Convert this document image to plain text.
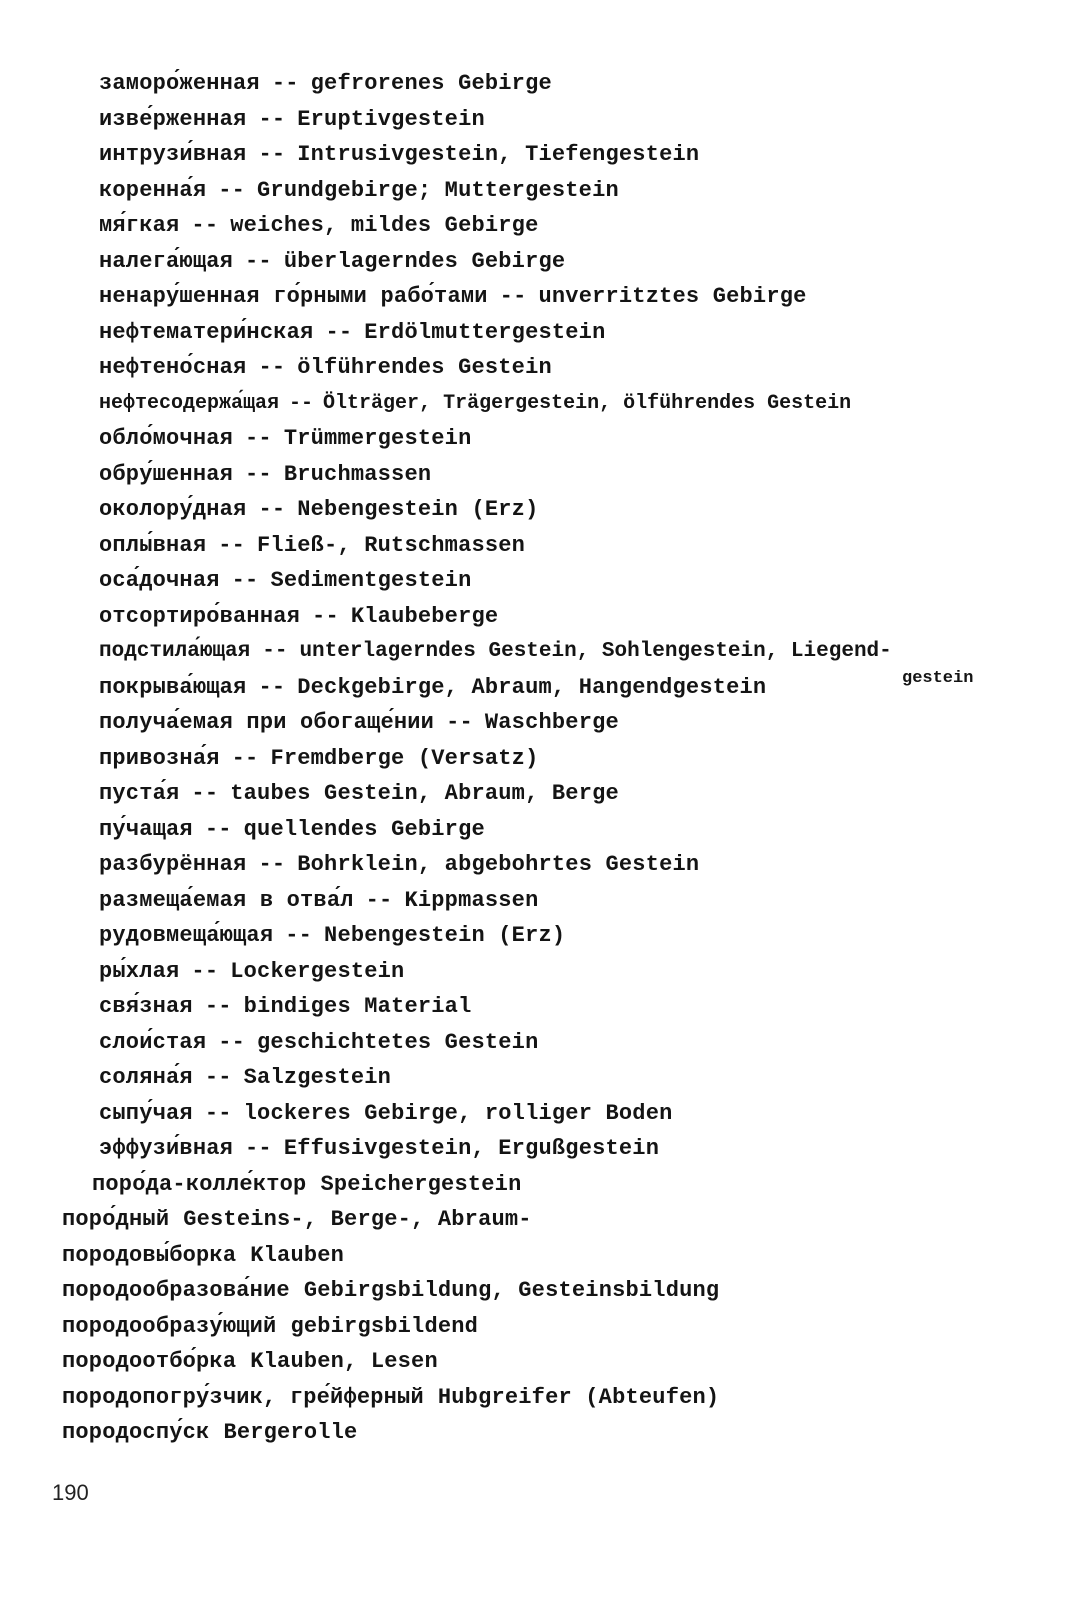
заморо́женная -- gefrorenes Gebirge
изве́рженная -- Eruptivgestein
интрузи́вная -- Intrusivgestein, Tiefengestein
коренна́я -- Grundgebirge; Muttergestein
мя́гкая -- weiches, mildes Gebirge
налега́ющая -- überlagerndes Gebirge
ненару́шенная го́рными рабо́тами -- unverritztes Gebirge
нефтематери́нская -- Erdölmuttergestein
нефтено́сная -- ölführendes Gestein
нефтесодержа́щая -- Ölträger, Trägergestein, ölführendes Gestein
обло́мочная -- Trümmergestein
обру́шенная -- Bruchmassen
околору́дная -- Nebengestein (Erz)
оплы́вная -- Fließ-, Rutschmassen
оса́дочная -- Sedimentgestein
отсортиро́ванная -- Klaubeberge
подстила́ющая -- unterlagerndes Gestein, Sohlengestein, Liegend-
покрыва́ющая -- Deckgebirge, Abraum, Hangendgestein	gestein
получа́емая при обогаще́нии -- Waschberge
привозна́я -- Fremdberge (Versatz)
пуста́я -- taubes Gestein, Abraum, Berge
пу́чащая -- quellendes Gebirge
разбурённая -- Bohrklein, abgebohrtes Gestein
размеща́емая в отва́л -- Kippmassen
рудовмеща́ющая -- Nebengestein (Erz)
ры́хлая -- Lockergestein
свя́зная -- bindiges Material
слои́стая -- geschichtetes Gestein
соляна́я -- Salzgestein
сыпу́чая -- lockeres Gebirge, rolliger Boden
эффузи́вная -- Effusivgestein, Ergußgestein
поро́да-колле́ктор Speichergestein
поро́дный Gesteins-, Berge-, Abraum-
породовы́борка Klauben
породообразова́ние Gebirgsbildung, Gesteinsbildung
породообразу́ющий gebirgsbildend
породоотбо́рка Klauben, Lesen
породопогру́зчик, гре́йферный Hubgreifer (Abteufen)
породоспу́ск Bergerolle
190
